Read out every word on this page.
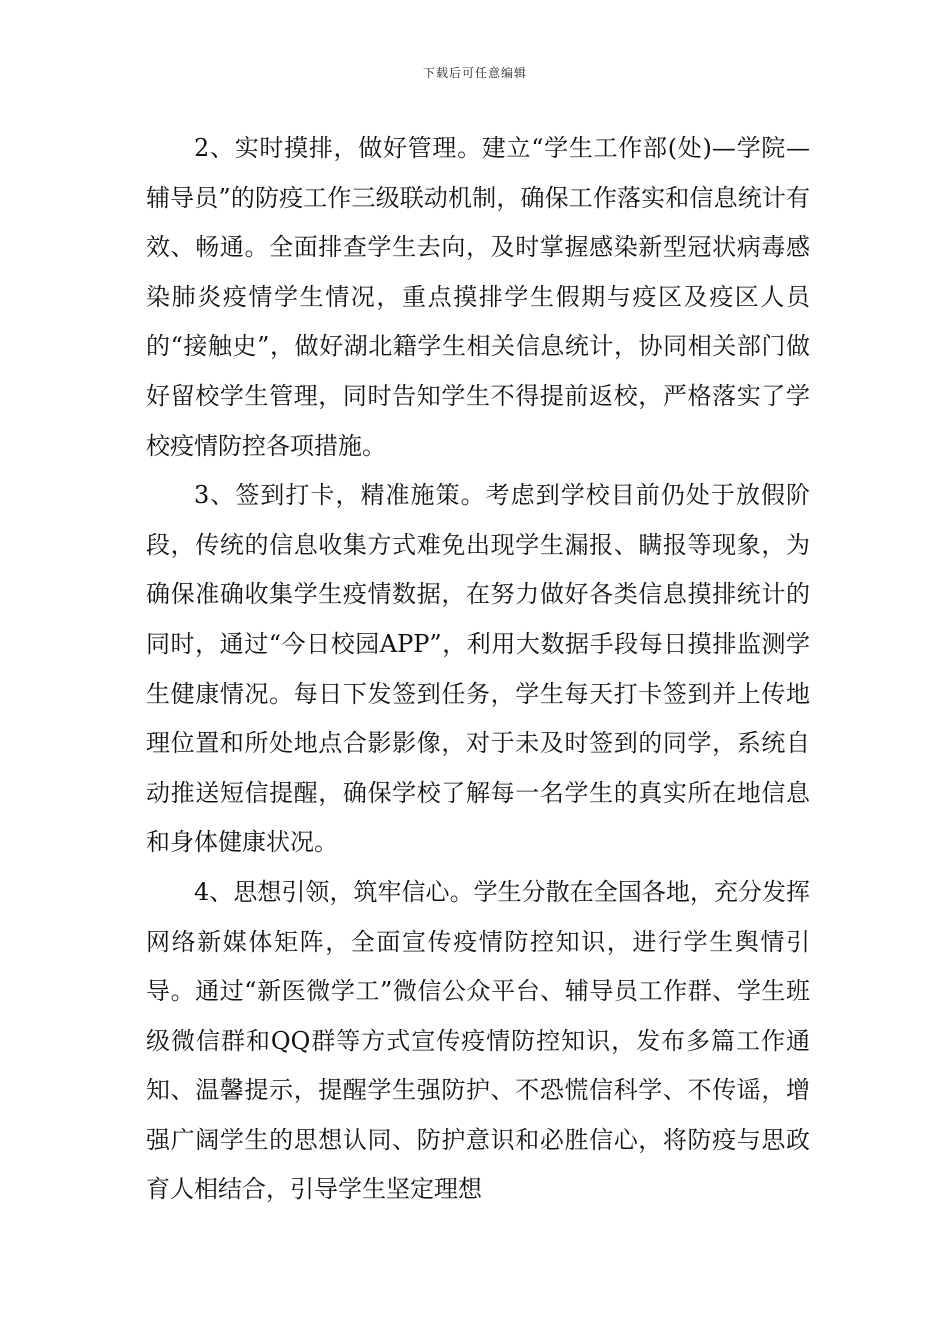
下载后可任意编辑

2、实时摸排，做好管理。建立“学生工作部(处)—学院—辅导员”的防疫工作三级联动机制，确保工作落实和信息统计有效、畅通。全面排查学生去向，及时掌握感染新型冠状病毒感染肺炎疫情学生情况，重点摸排学生假期与疫区及疫区人员的“接触史”，做好湖北籍学生相关信息统计，协同相关部门做好留校学生管理，同时告知学生不得提前返校，严格落实了学校疫情防控各项措施。

3、签到打卡，精准施策。考虑到学校目前仍处于放假阶段，传统的信息收集方式难免出现学生漏报、瞒报等现象，为确保准确收集学生疫情数据，在努力做好各类信息摸排统计的同时，通过“今日校园APP”，利用大数据手段每日摸排监测学生健康情况。每日下发签到任务，学生每天打卡签到并上传地理位置和所处地点合影影像，对于未及时签到的同学，系统自动推送短信提醒，确保学校了解每一名学生的真实所在地信息和身体健康状况。

4、思想引领，筑牢信心。学生分散在全国各地，充分发挥网络新媒体矩阵，全面宣传疫情防控知识，进行学生舆情引导。通过“新医微学工”微信公众平台、辅导员工作群、学生班级微信群和QQ群等方式宣传疫情防控知识，发布多篇工作通知、温馨提示，提醒学生强防护、不恐慌信科学、不传谣，增强广阔学生的思想认同、防护意识和必胜信心，将防疫与思政育人相结合，引导学生坚定理想
